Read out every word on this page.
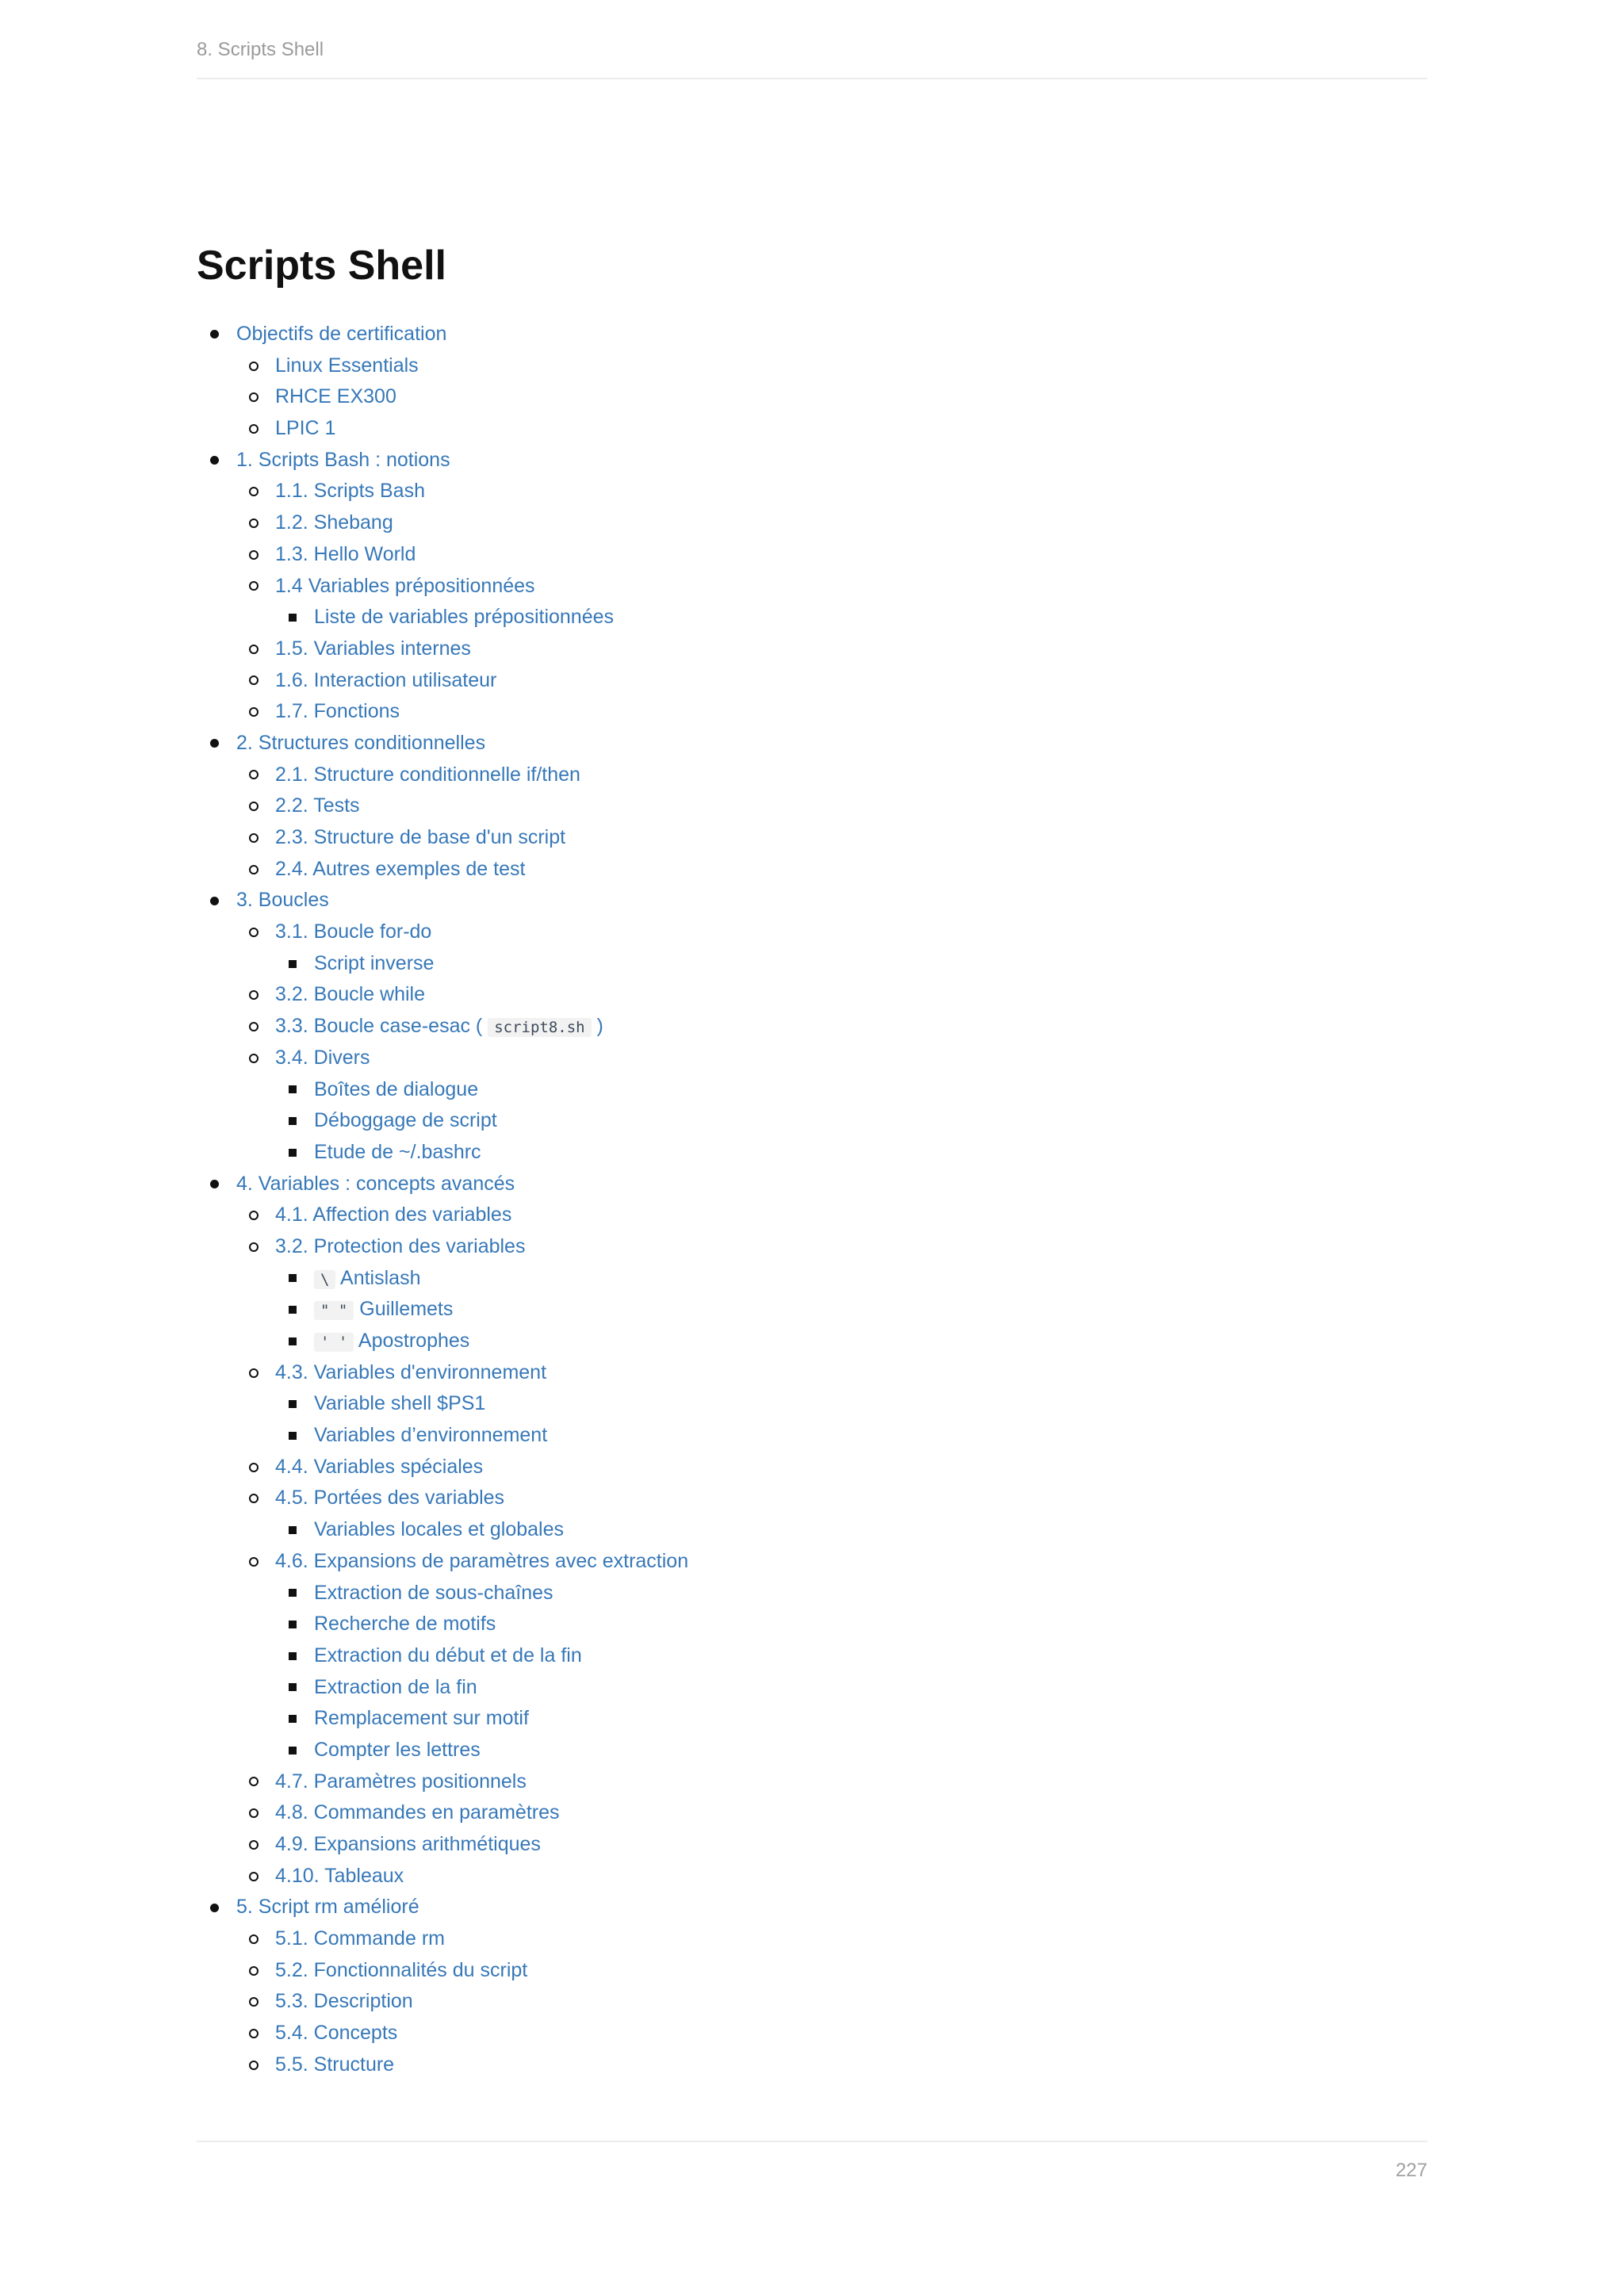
8. Scripts Shell
Scripts Shell
Objectifs de certification
Linux Essentials
RHCE EX300
LPIC 1
1. Scripts Bash : notions
1.1. Scripts Bash
1.2. Shebang
1.3. Hello World
1.4 Variables prépositionnées
Liste de variables prépositionnées
1.5. Variables internes
1.6. Interaction utilisateur
1.7. Fonctions
2. Structures conditionnelles
2.1. Structure conditionnelle if/then
2.2. Tests
2.3. Structure de base d'un script
2.4. Autres exemples de test
3. Boucles
3.1. Boucle for-do
Script inverse
3.2. Boucle while
3.3. Boucle case-esac ( script8.sh )
3.4. Divers
Boîtes de dialogue
Déboggage de script
Etude de ~/.bashrc
4. Variables : concepts avancés
4.1. Affection des variables
3.2. Protection des variables
\ Antislash
" " Guillemets
' ' Apostrophes
4.3. Variables d'environnement
Variable shell $PS1
Variables d’environnement
4.4. Variables spéciales
4.5. Portées des variables
Variables locales et globales
4.6. Expansions de paramètres avec extraction
Extraction de sous-chaînes
Recherche de motifs
Extraction du début et de la fin
Extraction de la fin
Remplacement sur motif
Compter les lettres
4.7. Paramètres positionnels
4.8. Commandes en paramètres
4.9. Expansions arithmétiques
4.10. Tableaux
5. Script rm amélioré
5.1. Commande rm
5.2. Fonctionnalités du script
5.3. Description
5.4. Concepts
5.5. Structure
227
